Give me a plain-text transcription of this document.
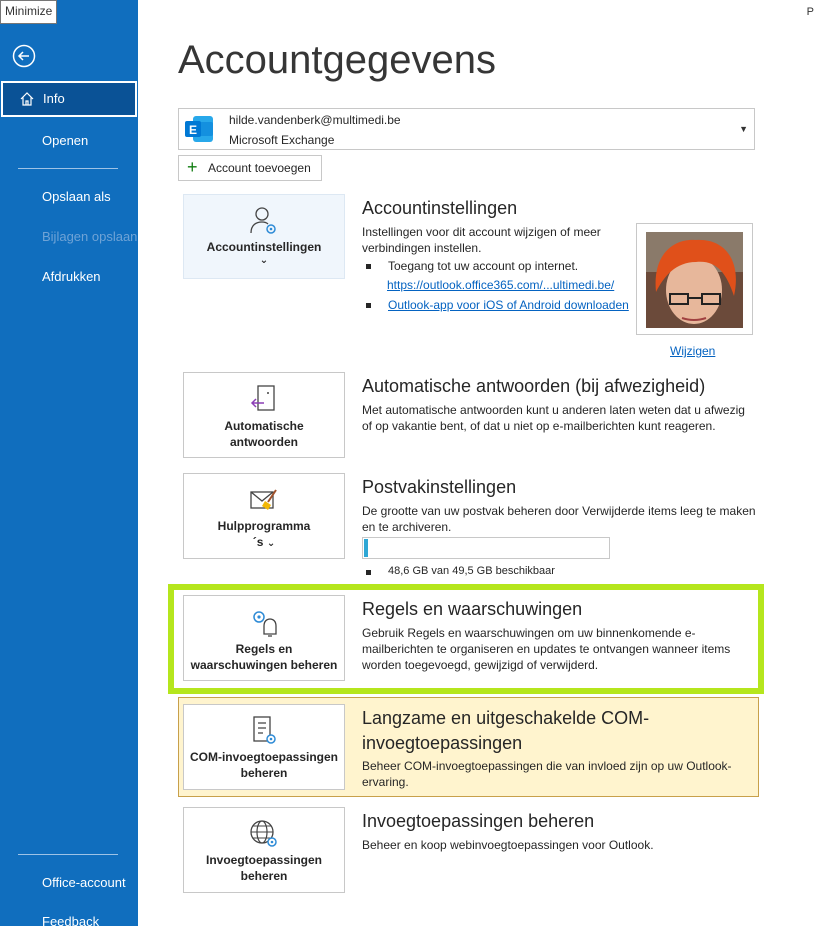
Info
Openen
Opslaan als
Bijlagen opslaan
Afdrukken
Office-account
Feedback
Minimize	P
Accountgegevens
E
hilde.vandenberk@multimedi.be
Microsoft Exchange
▼
+ Account toevoegen
Accountinstellingen
⌄
Accountinstellingen
Instellingen voor dit account wijzigen of meer verbindingen instellen.
Toegang tot uw account op internet.
https://outlook.office365.com/...ultimedi.be/
Outlook-app voor iOS of Android downloaden
Wijzigen
Automatische
antwoorden
Automatische antwoorden (bij afwezigheid)
Met automatische antwoorden kunt u anderen laten weten dat u afwezig
of op vakantie bent, of dat u niet op e-mailberichten kunt reageren.
Hulpprogramma
´s ⌄
Postvakinstellingen
De grootte van uw postvak beheren door Verwijderde items leeg te maken
en te archiveren.
48,6 GB van 49,5 GB beschikbaar
Regels en
waarschuwingen beheren
Regels en waarschuwingen
Gebruik Regels en waarschuwingen om uw binnenkomende e-
mailberichten te organiseren en updates te ontvangen wanneer items
worden toegevoegd, gewijzigd of verwijderd.
COM-invoegtoepassingen
beheren
Langzame en uitgeschakelde COM-
invoegtoepassingen
Beheer COM-invoegtoepassingen die van invloed zijn op uw Outlook-
ervaring.
Invoegtoepassingen
beheren
Invoegtoepassingen beheren
Beheer en koop webinvoegtoepassingen voor Outlook.
